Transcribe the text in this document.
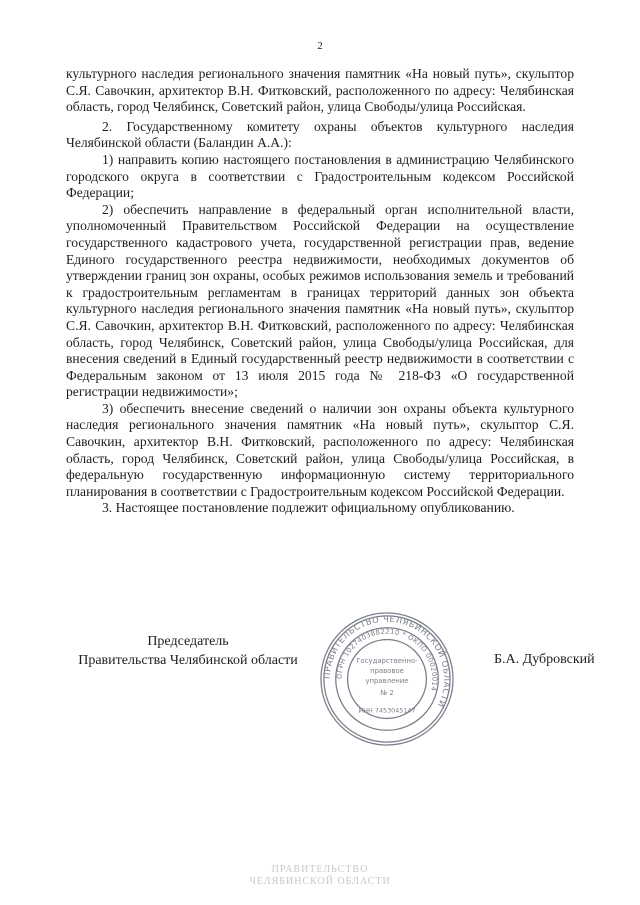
2

культурного наследия регионального значения памятник «На новый путь», скульптор С.Я. Савочкин, архитектор В.Н. Фитковский, расположенного по адресу: Челябинская область, город Челябинск, Советский район, улица Свободы/улица Российская.

2. Государственному комитету охраны объектов культурного наследия Челябинской области (Баландин А.А.):

1) направить копию настоящего постановления в администрацию Челябинского городского округа в соответствии с Градостроительным кодексом Российской Федерации;

2) обеспечить направление в федеральный орган исполнительной власти, уполномоченный Правительством Российской Федерации на осуществление государственного кадастрового учета, государственной регистрации прав, ведение Единого государственного реестра недвижимости, необходимых документов об утверждении границ зон охраны, особых режимов использования земель и требований к градостроительным регламентам в границах территорий данных зон объекта культурного наследия регионального значения памятник «На новый путь», скульптор С.Я. Савочкин, архитектор В.Н. Фитковский, расположенного по адресу: Челябинская область, город Челябинск, Советский район, улица Свободы/улица Российская, для внесения сведений в Единый государственный реестр недвижимости в соответствии с Федеральным законом от 13 июля 2015 года № 218-ФЗ «О государственной регистрации недвижимости»;

3) обеспечить внесение сведений о наличии зон охраны объекта культурного наследия регионального значения памятник «На новый путь», скульптор С.Я. Савочкин, архитектор В.Н. Фитковский, расположенного по адресу: Челябинская область, город Челябинск, Советский район, улица Свободы/улица Российская, в федеральную государственную информационную систему территориального планирования в соответствии с Градостроительным кодексом Российской Федерации.

3. Настоящее постановление подлежит официальному опубликованию.

Председатель
Правительства Челябинской области
ПРАВИТЕЛЬСТВО ЧЕЛЯБИНСКОЙ ОБЛАСТИ
ОГРН 1027403882210 * ОКПО 00020014
Государственно-
правовое
управление
№ 2
ИНН 7453045147
Б.А. Дубровский
ПРАВИТЕЛЬСТВО
ЧЕЛЯБИНСКОЙ ОБЛАСТИ
